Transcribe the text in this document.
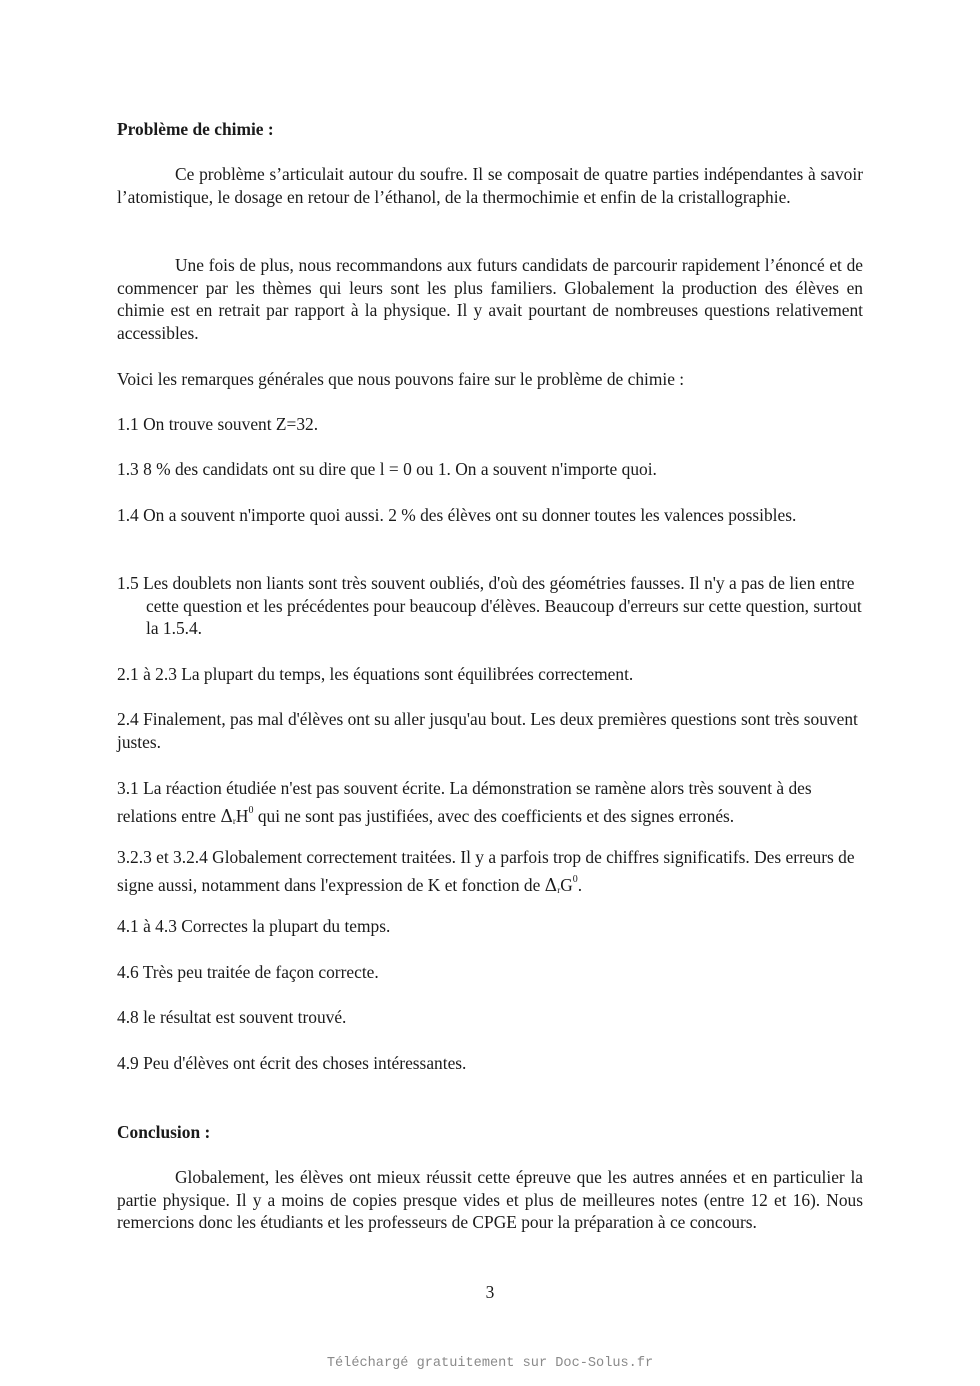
Problème de chimie :

Ce problème s’articulait autour du soufre. Il se composait de quatre parties indépendantes à savoir l’atomistique, le dosage en retour de l’éthanol, de la thermochimie et enfin de la cristallographie.

Une fois de plus, nous recommandons aux futurs candidats de parcourir rapidement l’énoncé et de commencer par les thèmes qui leurs sont les plus familiers. Globalement la production des élèves en chimie est en retrait par rapport à la physique. Il y avait pourtant de nombreuses questions relativement accessibles.

Voici les remarques générales que nous pouvons faire sur le problème de chimie :

1.1 On trouve souvent Z=32.

1.3 8 % des candidats ont su dire que l = 0 ou 1. On a souvent n'importe quoi.

1.4 On a souvent n'importe quoi aussi. 2 % des élèves ont su donner toutes les valences possibles.

1.5 Les doublets non liants sont très souvent oubliés, d'où des géométries fausses. Il n'y a pas de lien entre cette question et les précédentes pour beaucoup d'élèves. Beaucoup d'erreurs sur cette question, surtout la 1.5.4.

2.1 à 2.3 La plupart du temps, les équations sont équilibrées correctement.

2.4 Finalement, pas mal d'élèves ont su aller jusqu'au bout. Les deux premières questions sont très souvent justes.

3.1 La réaction étudiée n'est pas souvent écrite. La démonstration se ramène alors très souvent à des relations entre $\Delta_rH^0$ qui ne sont pas justifiées, avec des coefficients et des signes erronés.

3.2.3 et 3.2.4 Globalement correctement traitées. Il y a parfois trop de chiffres significatifs. Des erreurs de signe aussi, notamment dans l'expression de K et fonction de $\Delta_rG^0$.

4.1 à 4.3 Correctes la plupart du temps.

4.6 Très peu traitée de façon correcte.

4.8 le résultat est souvent trouvé.

4.9 Peu d'élèves ont écrit des choses intéressantes.

Conclusion :

Globalement, les élèves ont mieux réussit cette épreuve que les autres années et en particulier la partie physique. Il y a moins de copies presque vides et plus de meilleures notes (entre 12 et 16). Nous remercions donc les étudiants et les professeurs de CPGE pour la préparation à ce concours.

3

Téléchargé gratuitement sur Doc-Solus.fr
